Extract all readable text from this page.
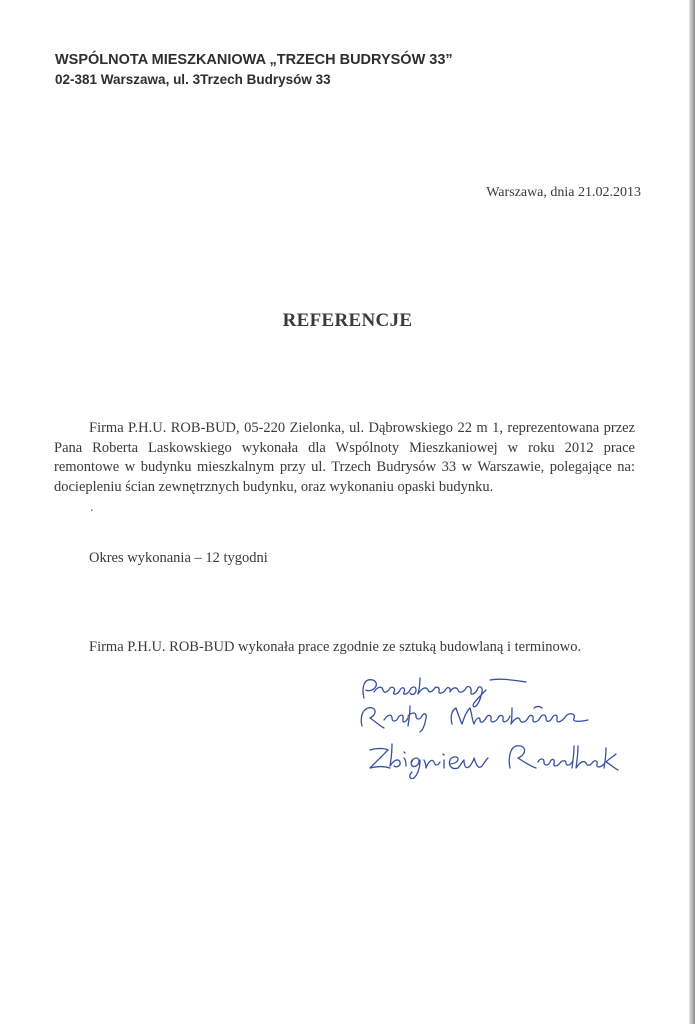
WSPÓLNOTA MIESZKANIOWA „TRZECH BUDRYSÓW 33”
02-381 Warszawa, ul. 3Trzech Budrysów 33
Warszawa, dnia 21.02.2013
REFERENCJE

Firma P.H.U. ROB-BUD, 05-220 Zielonka, ul. Dąbrowskiego 22 m 1, reprezentowana przez Pana Roberta Laskowskiego wykonała dla Wspólnoty Mieszkaniowej w roku 2012 prace remontowe w budynku mieszkalnym przy ul. Trzech Budrysów 33 w Warszawie, polegające na: dociepleniu ścian zewnętrznych budynku, oraz wykonaniu opaski budynku.

.
Okres wykonania – 12 tygodni
Firma P.H.U. ROB-BUD wykonała prace zgodnie ze sztuką budowlaną i terminowo.
